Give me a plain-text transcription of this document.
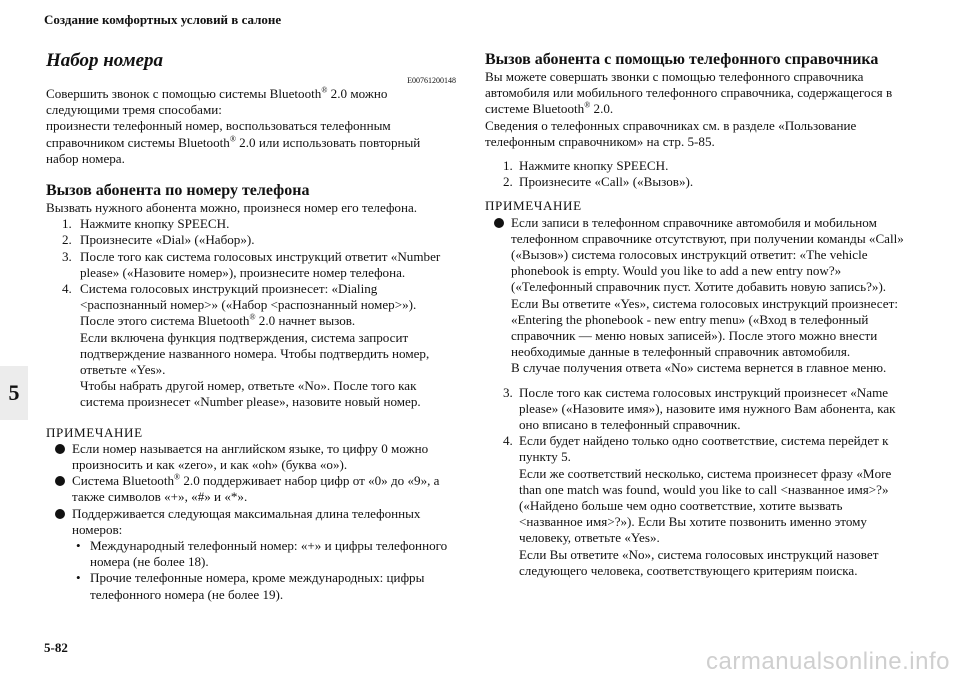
Создание комфортных условий в салоне
5
Набор номера
E00761200148

Совершить звонок с помощью системы Bluetooth® 2.0 можно следующими тремя способами:
произнести телефонный номер, воспользоваться телефонным справочником системы Bluetooth® 2.0 или использовать повторный набор номера.

Вызов абонента по номеру телефона

Вызвать нужного абонента можно, произнеся номер его телефона.

1. Нажмите кнопку SPEECH.
2. Произнесите «Dial» («Набор»).
3. После того как система голосовых инструкций ответит «Number please» («Назовите номер»), произнесите номер телефона.
4. Система голосовых инструкций произнесет: «Dialing <распознанный номер>» («Набор <распознанный номер>»).
После этого система Bluetooth® 2.0 начнет вызов.
Если включена функция подтверждения, система запросит подтверждение названного номера. Чтобы подтвердить номер, ответьте «Yes».
Чтобы набрать другой номер, ответьте «No». После того как система произнесет «Number please», назовите новый номер.

ПРИМЕЧАНИЕ

Если номер называется на английском языке, то цифру 0 можно произносить и как «zero», и как «oh» (буква «o»).
Система Bluetooth® 2.0 поддерживает набор цифр от «0» до «9», а также символов «+», «#» и «*».
Поддерживается следующая максимальная длина телефонных номеров:
• Международный телефонный номер: «+» и цифры телефонного номера (не более 18).
• Прочие телефонные номера, кроме международных: цифры телефонного номера (не более 19).
Вызов абонента с помощью телефонного справочника

Вы можете совершать звонки с помощью телефонного справочника автомобиля или мобильного телефонного справочника, содержащегося в системе Bluetooth® 2.0.
Сведения о телефонных справочниках см. в разделе «Пользование телефонным справочником» на стр. 5-85.

1. Нажмите кнопку SPEECH.
2. Произнесите «Call» («Вызов»).

ПРИМЕЧАНИЕ

Если записи в телефонном справочнике автомобиля и мобильном телефонном справочнике отсутствуют, при получении команды «Call» («Вызов») система голосовых инструкций ответит: «The vehicle phonebook is empty. Would you like to add a new entry now?» («Телефонный справочник пуст. Хотите добавить новую запись?»).
Если Вы ответите «Yes», система голосовых инструкций произнесет: «Entering the phonebook - new entry menu» («Вход в телефонный справочник — меню новых записей»). После этого можно внести необходимые данные в телефонный справочник автомобиля.
В случае получения ответа «No» система вернется в главное меню.
3. После того как система голосовых инструкций произнесет «Name please» («Назовите имя»), назовите имя нужного Вам абонента, как оно вписано в телефонный справочник.
4. Если будет найдено только одно соответствие, система перейдет к пункту 5.
Если же соответствий несколько, система произнесет фразу «More than one match was found, would you like to call <названное имя>?» («Найдено больше чем одно соответствие, хотите вызвать <названное имя>?»). Если Вы хотите позвонить именно этому человеку, ответьте «Yes».
Если Вы ответите «No», система голосовых инструкций назовет следующего человека, соответствующего критериям поиска.
5-82
carmanualsonline.info
